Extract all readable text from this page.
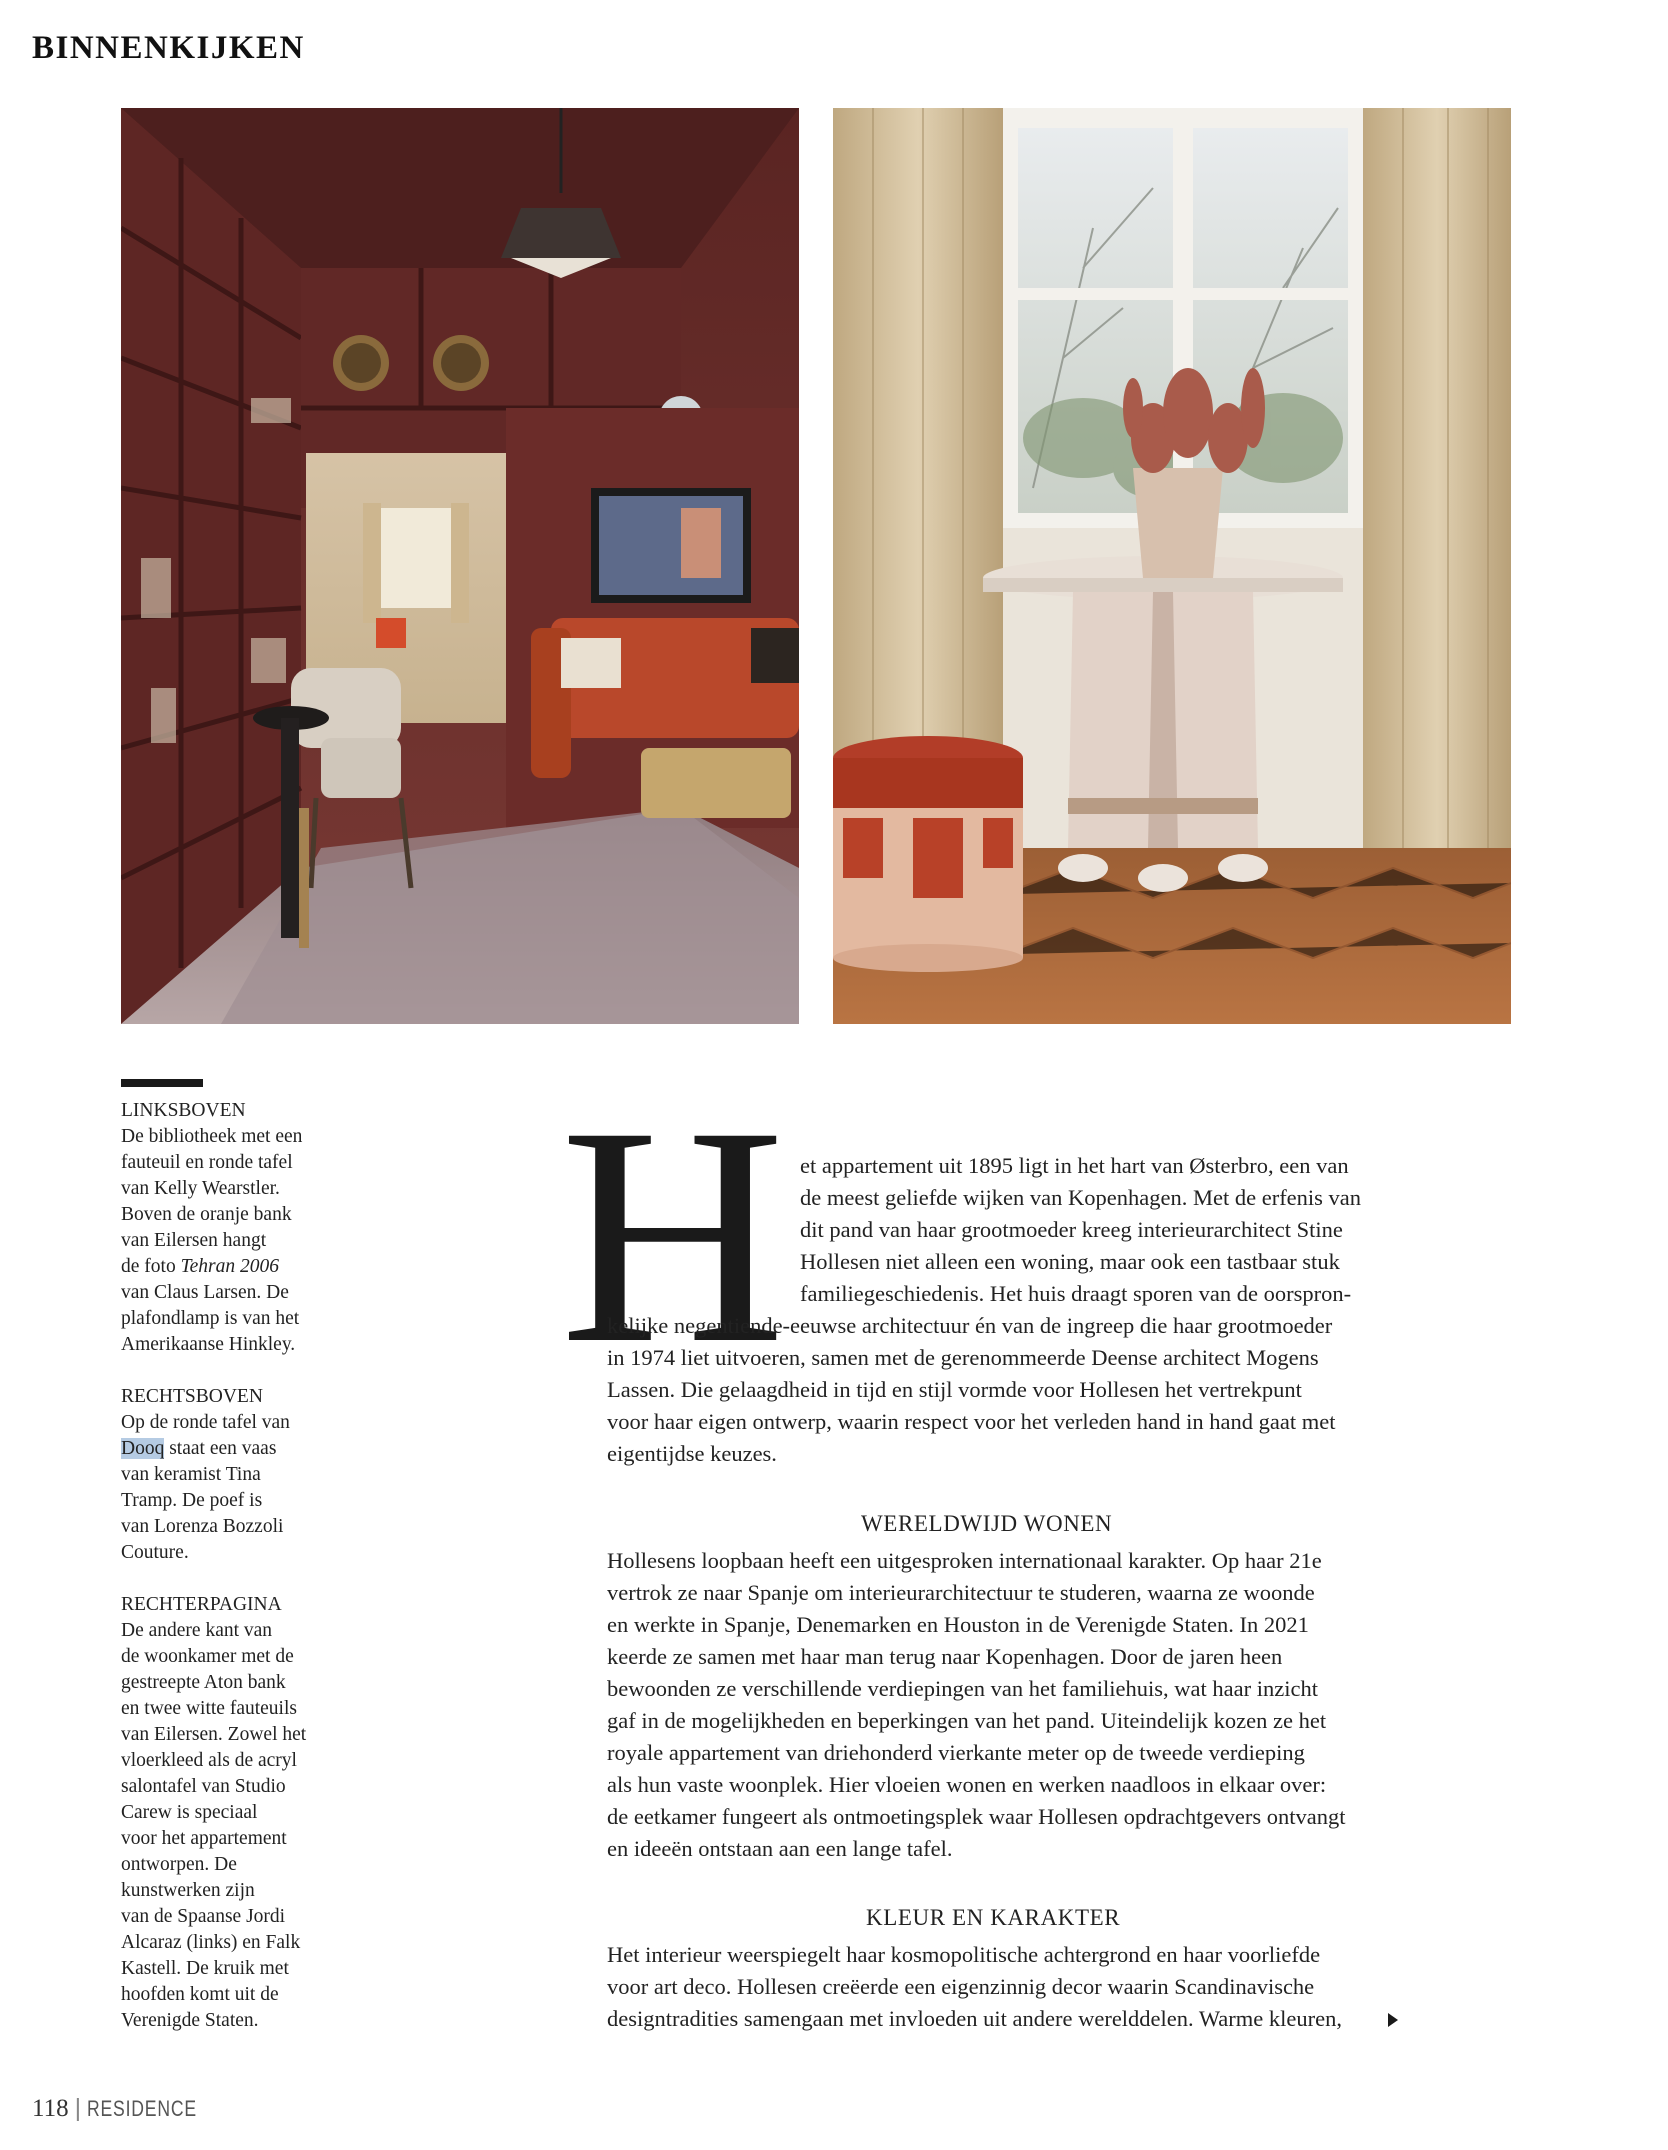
BINNENKIJKEN
LINKSBOVEN
De bibliotheek met een
fauteuil en ronde tafel
van Kelly Wearstler.
Boven de oranje bank
van Eilersen hangt
de foto Tehran 2006
van Claus Larsen. De
plafondlamp is van het
Amerikaanse Hinkley.
RECHTSBOVEN
Op de ronde tafel van
Dooq staat een vaas
van keramist Tina
Tramp. De poef is
van Lorenza Bozzoli
Couture.
RECHTERPAGINA
De andere kant van
de woonkamer met de
gestreepte Aton bank
en twee witte fauteuils
van Eilersen. Zowel het
vloerkleed als de acryl
salontafel van Studio
Carew is speciaal
voor het appartement
ontworpen. De
kunstwerken zijn
van de Spaanse Jordi
Alcaraz (links) en Falk
Kastell. De kruik met
hoofden komt uit de
Verenigde Staten.
H et appartement uit 1895 ligt in het hart van Østerbro, een van
de meest geliefde wijken van Kopenhagen. Met de erfenis van
dit pand van haar grootmoeder kreeg interieurarchitect Stine
Hollesen niet alleen een woning, maar ook een tastbaar stuk
familiegeschiedenis. Het huis draagt sporen van de oorspron-
kelijke negentiende-eeuwse architectuur én van de ingreep die haar grootmoeder
in 1974 liet uitvoeren, samen met de gerenommeerde Deense architect Mogens
Lassen. Die gelaagdheid in tijd en stijl vormde voor Hollesen het vertrekpunt
voor haar eigen ontwerp, waarin respect voor het verleden hand in hand gaat met
eigentijdse keuzes.
WERELDWIJD WONEN
Hollesens loopbaan heeft een uitgesproken internationaal karakter. Op haar 21e
vertrok ze naar Spanje om interieurarchitectuur te studeren, waarna ze woonde
en werkte in Spanje, Denemarken en Houston in de Verenigde Staten. In 2021
keerde ze samen met haar man terug naar Kopenhagen. Door de jaren heen
bewoonden ze verschillende verdiepingen van het familiehuis, wat haar inzicht
gaf in de mogelijkheden en beperkingen van het pand. Uiteindelijk kozen ze het
royale appartement van driehonderd vierkante meter op de tweede verdieping
als hun vaste woonplek. Hier vloeien wonen en werken naadloos in elkaar over:
de eetkamer fungeert als ontmoetingsplek waar Hollesen opdrachtgevers ontvangt
en ideeën ontstaan aan een lange tafel.
KLEUR EN KARAKTER
Het interieur weerspiegelt haar kosmopolitische achtergrond en haar voorliefde
voor art deco. Hollesen creëerde een eigenzinnig decor waarin Scandinavische
designtradities samengaan met invloeden uit andere werelddelen. Warme kleuren,
118 | RESIDENCE
